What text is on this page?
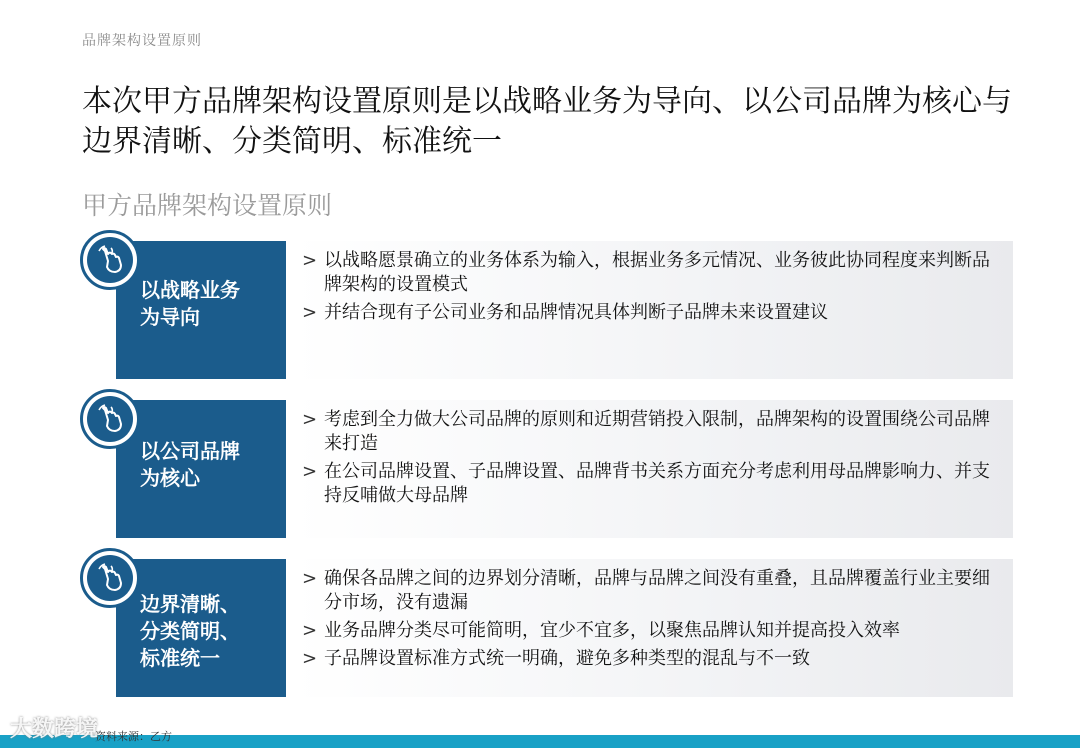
品牌架构设置原则
本次甲方品牌架构设置原则是以战略业务为导向、以公司品牌为核心与边界清晰、分类简明、标准统一
甲方品牌架构设置原则
以战略业务
为导向
> 以战略愿景确立的业务体系为输入，根据业务多元情况、业务彼此协同程度来判断品牌架构的设置模式
> 并结合现有子公司业务和品牌情况具体判断子品牌未来设置建议
以公司品牌
为核心
> 考虑到全力做大公司品牌的原则和近期营销投入限制，品牌架构的设置围绕公司品牌来打造
> 在公司品牌设置、子品牌设置、品牌背书关系方面充分考虑利用母品牌影响力、并支持反哺做大母品牌
边界清晰、
分类简明、
标准统一
> 确保各品牌之间的边界划分清晰，品牌与品牌之间没有重叠，且品牌覆盖行业主要细分市场，没有遗漏
> 业务品牌分类尽可能简明，宜少不宜多，以聚焦品牌认知并提高投入效率
> 子品牌设置标准方式统一明确，避免多种类型的混乱与不一致
资料来源：乙方
大数跨境
